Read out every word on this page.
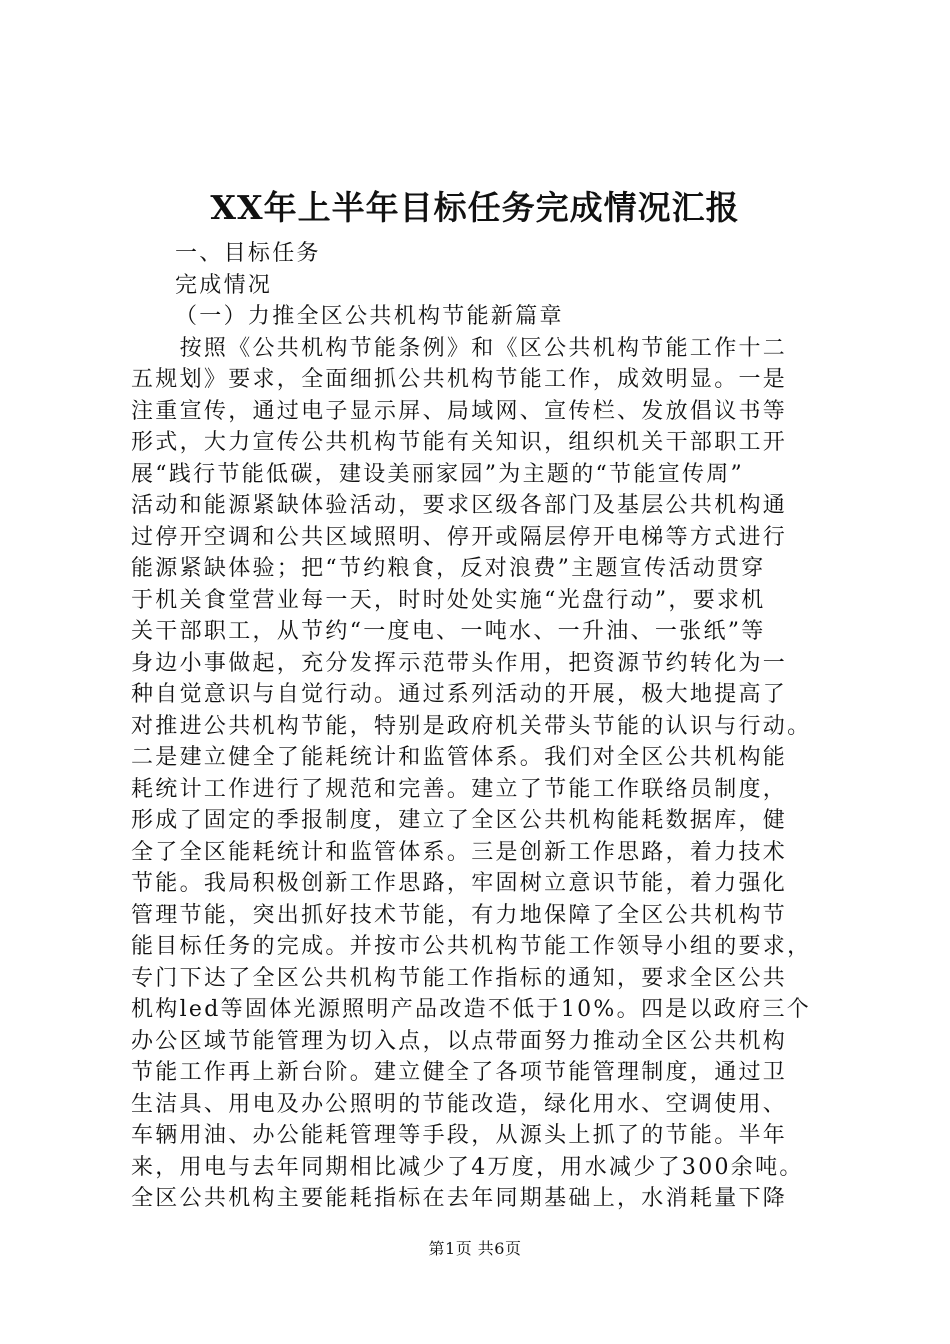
XX年上半年目标任务完成情况汇报
一、目标任务
完成情况
（一）力推全区公共机构节能新篇章
　　按照《公共机构节能条例》和《区公共机构节能工作十二
五规划》要求，全面细抓公共机构节能工作，成效明显。一是
注重宣传，通过电子显示屏、局域网、宣传栏、发放倡议书等
形式，大力宣传公共机构节能有关知识，组织机关干部职工开
展“践行节能低碳，建设美丽家园”为主题的“节能宣传周”
活动和能源紧缺体验活动，要求区级各部门及基层公共机构通
过停开空调和公共区域照明、停开或隔层停开电梯等方式进行
能源紧缺体验；把“节约粮食，反对浪费”主题宣传活动贯穿
于机关食堂营业每一天，时时处处实施“光盘行动”，要求机
关干部职工，从节约“一度电、一吨水、一升油、一张纸”等
身边小事做起，充分发挥示范带头作用，把资源节约转化为一
种自觉意识与自觉行动。通过系列活动的开展，极大地提高了
对推进公共机构节能，特别是政府机关带头节能的认识与行动。
二是建立健全了能耗统计和监管体系。我们对全区公共机构能
耗统计工作进行了规范和完善。建立了节能工作联络员制度，
形成了固定的季报制度，建立了全区公共机构能耗数据库，健
全了全区能耗统计和监管体系。三是创新工作思路，着力技术
节能。我局积极创新工作思路，牢固树立意识节能，着力强化
管理节能，突出抓好技术节能，有力地保障了全区公共机构节
能目标任务的完成。并按市公共机构节能工作领导小组的要求，
专门下达了全区公共机构节能工作指标的通知，要求全区公共
机构led等固体光源照明产品改造不低于10%。四是以政府三个
办公区域节能管理为切入点，以点带面努力推动全区公共机构
节能工作再上新台阶。建立健全了各项节能管理制度，通过卫
生洁具、用电及办公照明的节能改造，绿化用水、空调使用、
车辆用油、办公能耗管理等手段，从源头上抓了的节能。半年
来，用电与去年同期相比减少了4万度，用水减少了300余吨。
全区公共机构主要能耗指标在去年同期基础上，水消耗量下降
第1页 共6页
